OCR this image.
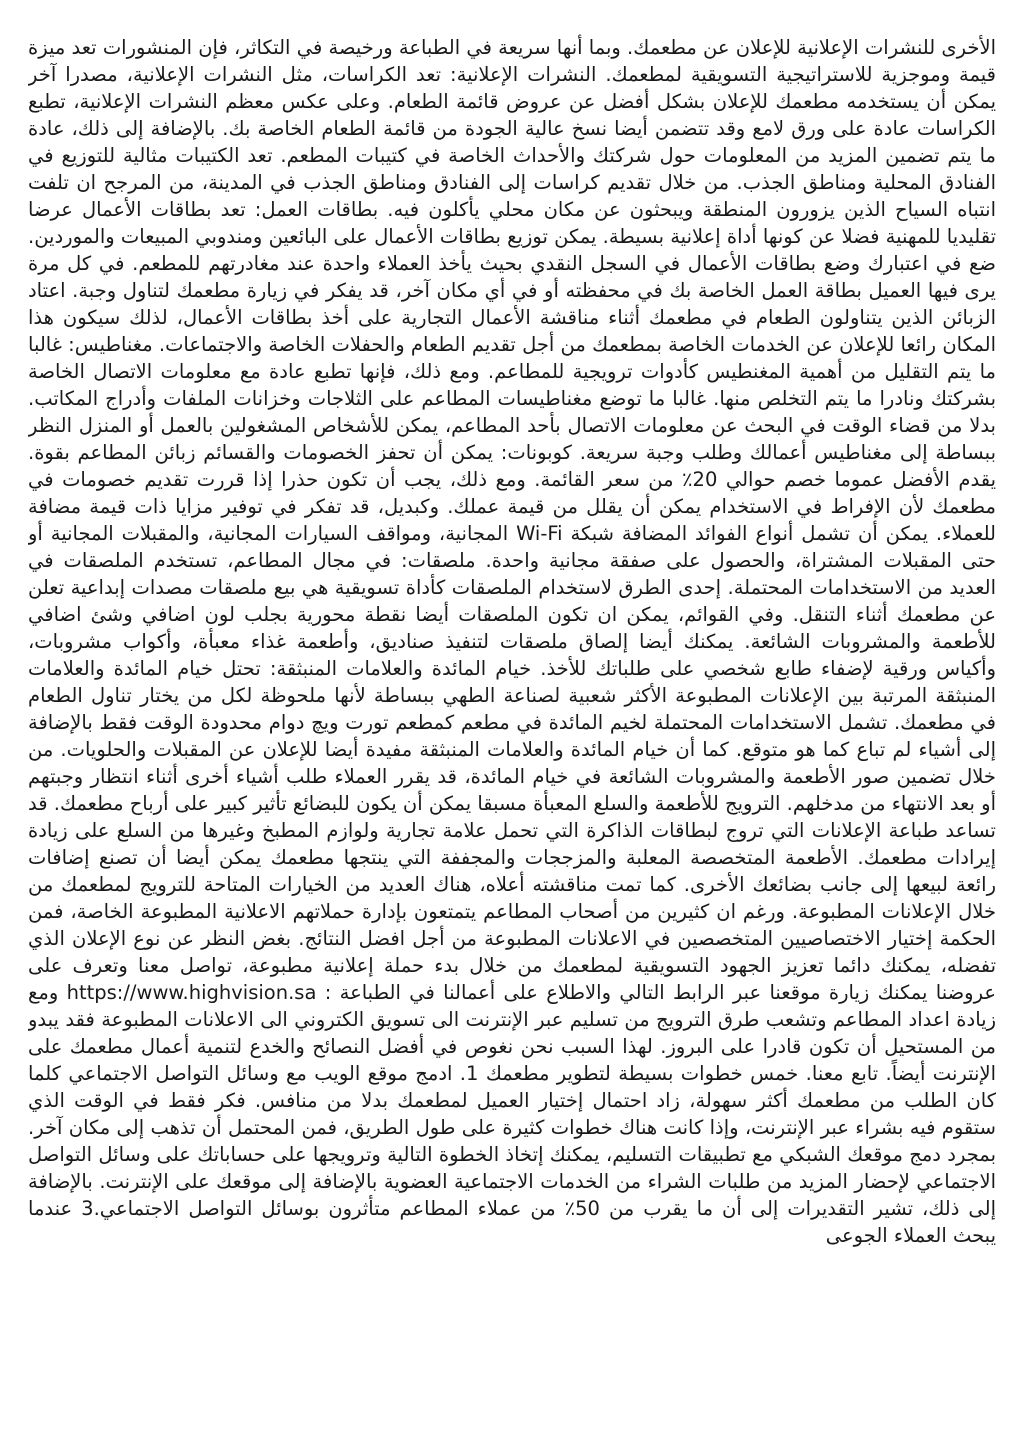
الأخرى للنشرات الإعلانية للإعلان عن مطعمك. وبما أنها سريعة في الطباعة ورخيصة في التكاثر، فإن المنشورات تعد ميزة قيمة وموجزية للاستراتيجية التسويقية لمطعمك. النشرات الإعلانية: تعد الكراسات، مثل النشرات الإعلانية، مصدرا آخر يمكن أن يستخدمه مطعمك للإعلان بشكل أفضل عن عروض قائمة الطعام. وعلى عكس معظم النشرات الإعلانية، تطبع الكراسات عادة على ورق لامع وقد تتضمن أيضا نسخ عالية الجودة من قائمة الطعام الخاصة بك. بالإضافة إلى ذلك، عادة ما يتم تضمين المزيد من المعلومات حول شركتك والأحداث الخاصة في كتيبات المطعم. تعد الكتيبات مثالية للتوزيع في الفنادق المحلية ومناطق الجذب. من خلال تقديم كراسات إلى الفنادق ومناطق الجذب في المدينة، من المرجح ان تلفت انتباه السياح الذين يزورون المنطقة ويبحثون عن مكان محلي يأكلون فيه. بطاقات العمل: تعد بطاقات الأعمال عرضا تقليديا للمهنية فضلا عن كونها أداة إعلانية بسيطة. يمكن توزيع بطاقات الأعمال على البائعين ومندوبي المبيعات والموردين. ضع في اعتبارك وضع بطاقات الأعمال في السجل النقدي بحيث يأخذ العملاء واحدة عند مغادرتهم للمطعم. في كل مرة يرى فيها العميل بطاقة العمل الخاصة بك في محفظته أو في أي مكان آخر، قد يفكر في زيارة مطعمك لتناول وجبة. اعتاد الزبائن الذين يتناولون الطعام في مطعمك أثناء مناقشة الأعمال التجارية على أخذ بطاقات الأعمال، لذلك سيكون هذا المكان رائعا للإعلان عن الخدمات الخاصة بمطعمك من أجل تقديم الطعام والحفلات الخاصة والاجتماعات. مغناطيس: غالبا ما يتم التقليل من أهمية المغنطيس كأدوات ترويجية للمطاعم. ومع ذلك، فإنها تطبع عادة مع معلومات الاتصال الخاصة بشركتك ونادرا ما يتم التخلص منها. غالبا ما توضع مغناطيسات المطاعم على الثلاجات وخزانات الملفات وأدراج المكاتب. بدلا من قضاء الوقت في البحث عن معلومات الاتصال بأحد المطاعم، يمكن للأشخاص المشغولين بالعمل أو المنزل النظر ببساطة إلى مغناطيس أعمالك وطلب وجبة سريعة. كوبونات: يمكن أن تحفز الخصومات والقسائم زبائن المطاعم بقوة. يقدم الأفضل عموما خصم حوالي 20٪ من سعر القائمة. ومع ذلك، يجب أن تكون حذرا إذا قررت تقديم خصومات في مطعمك لأن الإفراط في الاستخدام يمكن أن يقلل من قيمة عملك. وكبديل، قد تفكر في توفير مزايا ذات قيمة مضافة للعملاء. يمكن أن تشمل أنواع الفوائد المضافة شبكة Wi-Fi المجانية، ومواقف السيارات المجانية، والمقبلات المجانية أو حتى المقبلات المشتراة، والحصول على صفقة مجانية واحدة. ملصقات: في مجال المطاعم، تستخدم الملصقات في العديد من الاستخدامات المحتملة. إحدى الطرق لاستخدام الملصقات كأداة تسويقية هي بيع ملصقات مصدات إبداعية تعلن عن مطعمك أثناء التنقل. وفي القوائم، يمكن ان تكون الملصقات أيضا نقطة محورية بجلب لون اضافي وشئ اضافي للأطعمة والمشروبات الشائعة. يمكنك أيضا إلصاق ملصقات لتنفيذ صناديق، وأطعمة غذاء معبأة، وأكواب مشروبات، وأكياس ورقية لإضفاء طابع شخصي على طلباتك للأخذ. خيام المائدة والعلامات المنبثقة: تحتل خيام المائدة والعلامات المنبثقة المرتبة بين الإعلانات المطبوعة الأكثر شعبية لصناعة الطهي ببساطة لأنها ملحوظة لكل من يختار تناول الطعام في مطعمك. تشمل الاستخدامات المحتملة لخيم المائدة في مطعم كمطعم تورت ويچ دوام محدودة الوقت فقط بالإضافة إلى أشياء لم تباع كما هو متوقع. كما أن خيام المائدة والعلامات المنبثقة مفيدة أيضا للإعلان عن المقبلات والحلويات. من خلال تضمين صور الأطعمة والمشروبات الشائعة في خيام المائدة، قد يقرر العملاء طلب أشياء أخرى أثناء انتظار وجبتهم أو بعد الانتهاء من مدخلهم. الترويج للأطعمة والسلع المعبأة مسبقا يمكن أن يكون للبضائع تأثير كبير على أرباح مطعمك. قد تساعد طباعة الإعلانات التي تروج لبطاقات الذاكرة التي تحمل علامة تجارية ولوازم المطبخ وغيرها من السلع على زيادة إيرادات مطعمك. الأطعمة المتخصصة المعلبة والمزججات والمجففة التي ينتجها مطعمك يمكن أيضا أن تصنع إضافات رائعة لبيعها إلى جانب بضائعك الأخرى. كما تمت مناقشته أعلاه، هناك العديد من الخيارات المتاحة للترويج لمطعمك من خلال الإعلانات المطبوعة. ورغم ان كثيرين من أصحاب المطاعم يتمتعون بإدارة حملاتهم الاعلانية المطبوعة الخاصة، فمن الحكمة إختيار الاختصاصيين المتخصصين في الاعلانات المطبوعة من أجل افضل النتائج. بغض النظر عن نوع الإعلان الذي تفضله، يمكنك دائما تعزيز الجهود التسويقية لمطعمك من خلال بدء حملة إعلانية مطبوعة، تواصل معنا وتعرف على عروضنا يمكنك زيارة موقعنا عبر الرابط التالي والاطلاع على أعمالنا في الطباعة : https://www.highvision.sa ومع زيادة اعداد المطاعم وتشعب طرق الترويج من تسليم عبر الإنترنت الى تسويق الكتروني الى الاعلانات المطبوعة فقد يبدو من المستحيل أن تكون قادرا على البروز. لهذا السبب نحن نغوص في أفضل النصائح والخدع لتنمية أعمال مطعمك على الإنترنت أيضاً. تابع معنا. خمس خطوات بسيطة لتطوير مطعمك 1. ادمج موقع الويب مع وسائل التواصل الاجتماعي كلما كان الطلب من مطعمك أكثر سهولة، زاد احتمال إختيار العميل لمطعمك بدلا من منافس. فكر فقط في الوقت الذي ستقوم فيه بشراء عبر الإنترنت، وإذا كانت هناك خطوات كثيرة على طول الطريق، فمن المحتمل أن تذهب إلى مكان آخر. بمجرد دمج موقعك الشبكي مع تطبيقات التسليم، يمكنك إتخاذ الخطوة التالية وترويجها على حساباتك على وسائل التواصل الاجتماعي لإحضار المزيد من طلبات الشراء من الخدمات الاجتماعية العضوية بالإضافة إلى موقعك على الإنترنت. بالإضافة إلى ذلك، تشير التقديرات إلى أن ما يقرب من 50٪ من عملاء المطاعم متأثرون بوسائل التواصل الاجتماعي.3 عندما يبحث العملاء الجوعى
